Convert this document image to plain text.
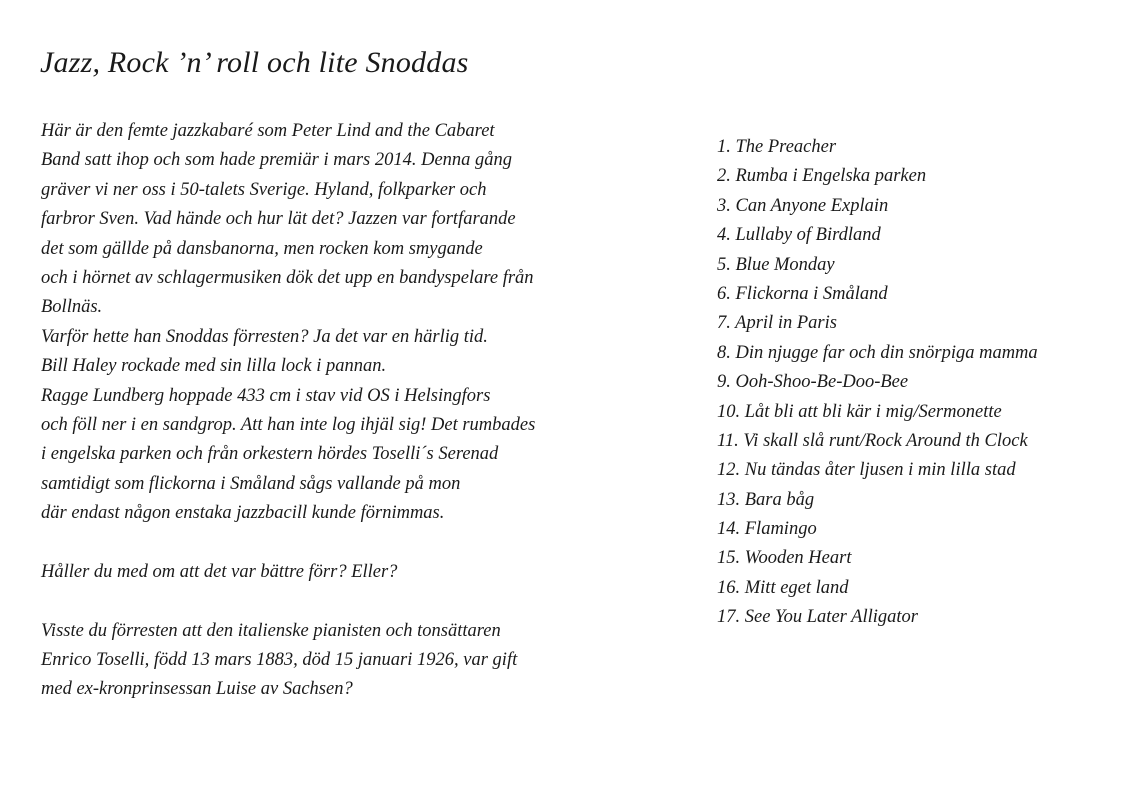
Jazz, Rock ’n’ roll och lite Snoddas
Här är den femte jazzkabaré som Peter Lind and the Cabaret
Band satt ihop och som hade premiär i mars 2014. Denna gång
gräver vi ner oss i 50-talets Sverige. Hyland, folkparker och
farbror Sven. Vad hände och hur lät det? Jazzen var fortfarande
det som gällde på dansbanorna, men rocken kom smygande
och i hörnet av schlagermusiken dök det upp en bandyspelare från
Bollnäs.
Varför hette han Snoddas förresten? Ja det var en härlig tid.
Bill Haley rockade med sin lilla lock i pannan.
Ragge Lundberg hoppade 433 cm i stav vid OS i Helsingfors
och föll ner i en sandgrop. Att han inte log ihjäl sig! Det rumbades
i engelska parken och från orkestern hördes Toselli´s Serenad
samtidigt som flickorna i Småland sågs vallande på mon
där endast någon enstaka jazzbacill kunde förnimmas.
Håller du med om att det var bättre förr? Eller?
Visste du förresten att den italienske pianisten och tonsättaren
Enrico Toselli, född 13 mars 1883, död 15 januari 1926, var gift
med ex-kronprinsessan Luise av Sachsen?
1. The Preacher
2. Rumba i Engelska parken
3. Can Anyone Explain
4. Lullaby of Birdland
5. Blue Monday
6. Flickorna i Småland
7. April in Paris
8. Din njugge far och din snörpiga mamma
9. Ooh-Shoo-Be-Doo-Bee
10. Låt bli att bli kär i mig/Sermonette
11. Vi skall slå runt/Rock Around th Clock
12. Nu tändas åter ljusen i min lilla stad
13. Bara båg
14. Flamingo
15. Wooden Heart
16. Mitt eget land
17. See You Later Alligator
